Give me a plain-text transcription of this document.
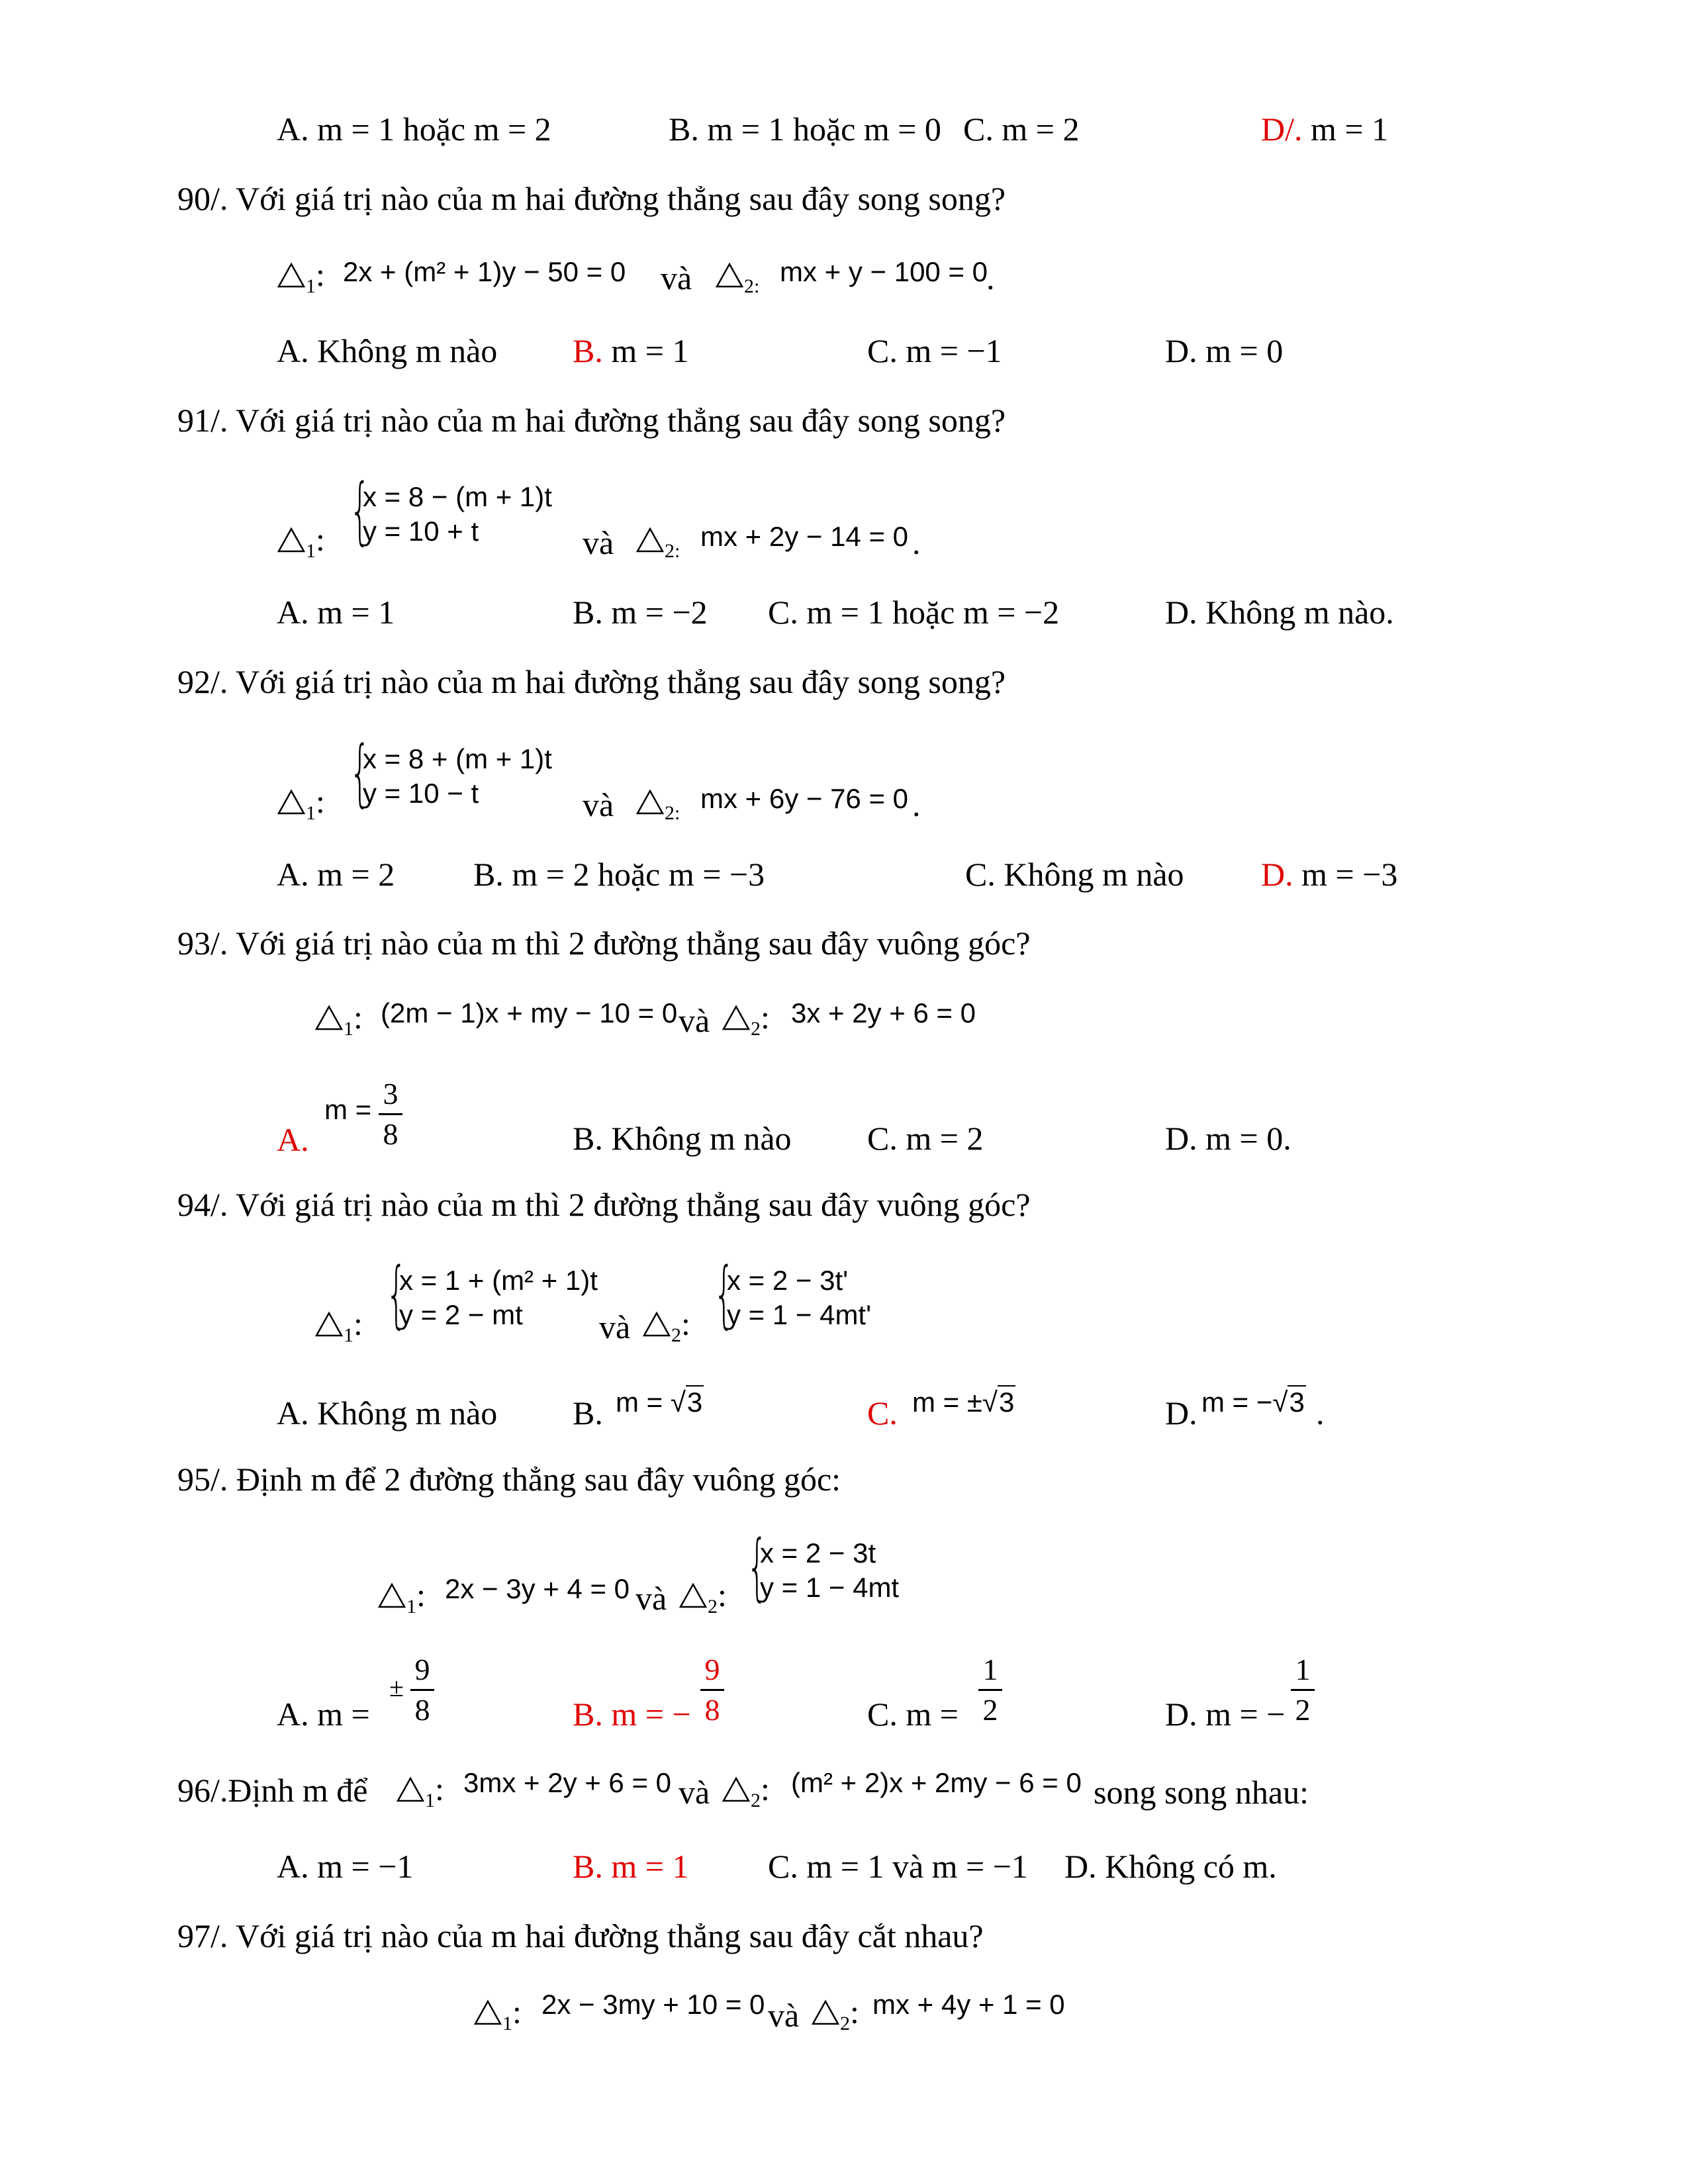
A. m = 1 hoặc m = 2	B. m = 1 hoặc m = 0 C. m = 2	D/. m = 1
90/. Với giá trị nào của m hai đường thẳng sau đây song song?
$_1$: 2x + (m² + 1)y − 50 = 0 và	$_{2:}$ mx + y − 100 = 0
.
A. Không m nào B. m = 1	C. m = −1	D. m = 0
91/. Với giá trị nào của m hai đường thẳng sau đây song song?
{
x = 8 − (m + 1)t
y = 10 + t
$_1$:	và	$_{2:}$ mx + 2y − 14 = 0 .
A. m = 1	B. m = −2 C. m = 1 hoặc m = −2	D. Không m nào.
92/. Với giá trị nào của m hai đường thẳng sau đây song song?
{
x = 8 + (m + 1)t
y = 10 − t
$_1$:	và	$_{2:}$ mx + 6y − 76 = 0 .
A. m = 2 B. m = 2 hoặc m = −3	C. Không m nào D. m = −3
93/. Với giá trị nào của m thì 2 đường thẳng sau đây vuông góc?
$_1$: (2m − 1)x + my − 10 = 0 và	$_2$: 3x + 2y + 6 = 0
A.
m = 3
8	B. Không m nào C. m = 2	D. m = 0.
94/. Với giá trị nào của m thì 2 đường thẳng sau đây vuông góc?
{
x = 1 + (m² + 1)t
y = 2 − mt
$_1$:	và	$_2$: {
x = 2 − 3t'
y = 1 − 4mt'
A. Không m nào B. m = √3	C. m = ±√3	D. m = −√3 .
95/. Định m để 2 đường thẳng sau đây vuông góc:
{
x = 2 − 3t
y = 1 − 4mt
$_1$: 2x − 3y + 4 = 0 và	$_2$:
A. m =
±
9
8	B. m = −
9
8	C. m =
1
2	D. m = −
1
2
96/.Định m để	$_1$: 3mx + 2y + 6 = 0 và	$_2$: (m² + 2)x + 2my − 6 = 0 song song nhau:
A. m = −1	B. m = 1 C. m = 1 và m = −1 D. Không có m.
97/. Với giá trị nào của m hai đường thẳng sau đây cắt nhau?
$_1$: 2x − 3my + 10 = 0 và	$_2$: mx + 4y + 1 = 0
